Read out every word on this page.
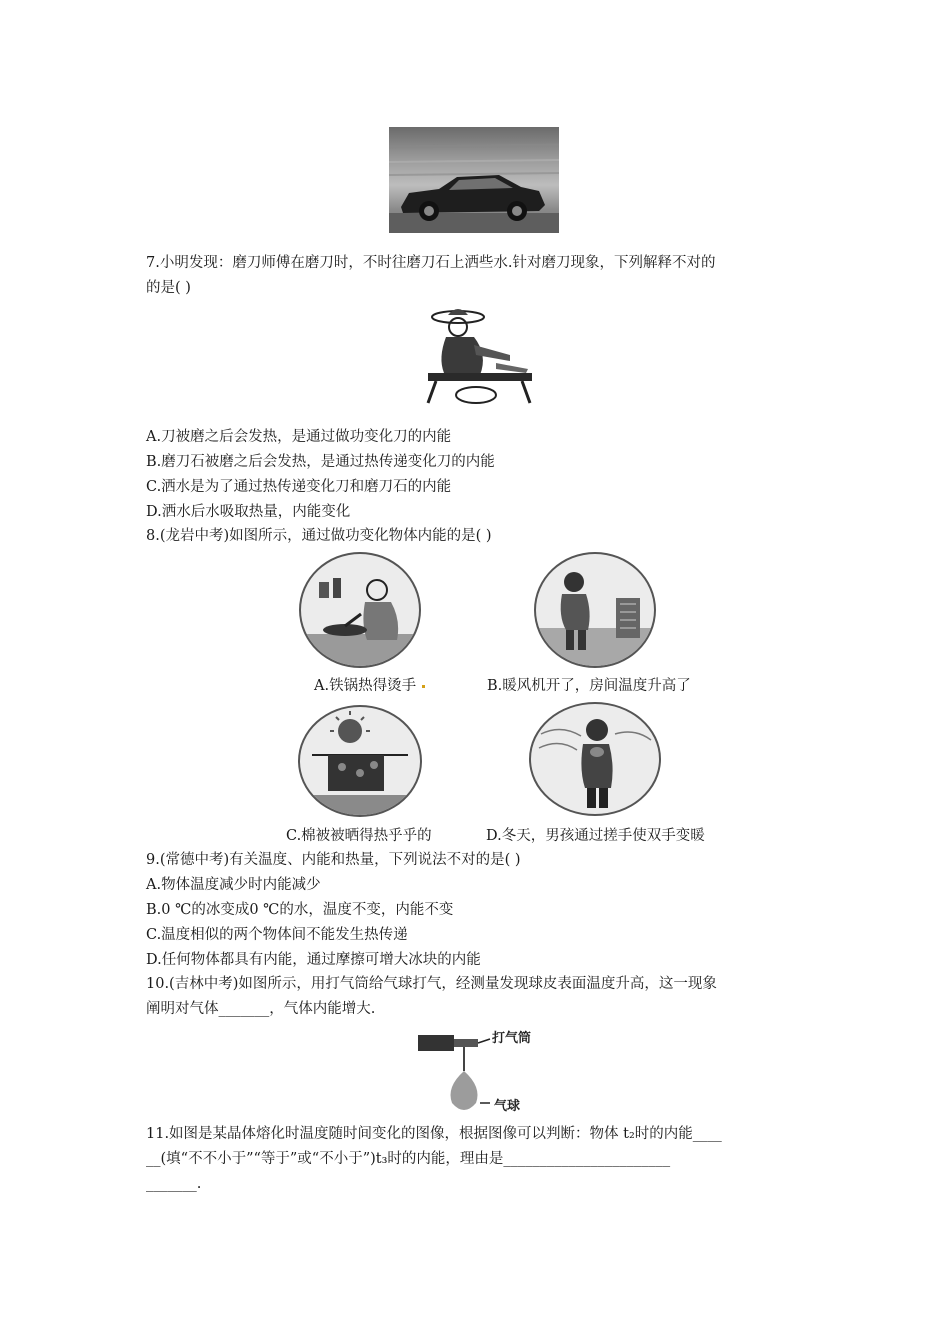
7.小明发现：磨刀师傅在磨刀时，不时往磨刀石上洒些水.针对磨刀现象，下列解释不对的
的是( )
A.刀被磨之后会发热，是通过做功变化刀的内能
B.磨刀石被磨之后会发热，是通过热传递变化刀的内能
C.洒水是为了通过热传递变化刀和磨刀石的内能
D.洒水后水吸取热量，内能变化
8.(龙岩中考)如图所示，通过做功变化物体内能的是( )
A.铁锅热得烫手	B.暖风机开了，房间温度升高了
C.棉被被晒得热乎乎的	D.冬天，男孩通过搓手使双手变暖
9.(常德中考)有关温度、内能和热量，下列说法不对的是( )
A.物体温度减少时内能减少
B.0 ℃的冰变成0 ℃的水，温度不变，内能不变
C.温度相似的两个物体间不能发生热传递
D.任何物体都具有内能，通过摩擦可增大冰块的内能
10.(吉林中考)如图所示，用打气筒给气球打气，经测量发现球皮表面温度升高，这一现象
阐明对气体_______，气体内能增大.
打气筒
气球
11.如图是某晶体熔化时温度随时间变化的图像，根据图像可以判断：物体 t₂时的内能____
__(填“不不小于”“等于”或“不小于”)t₃时的内能，理由是_______________________
_______.
